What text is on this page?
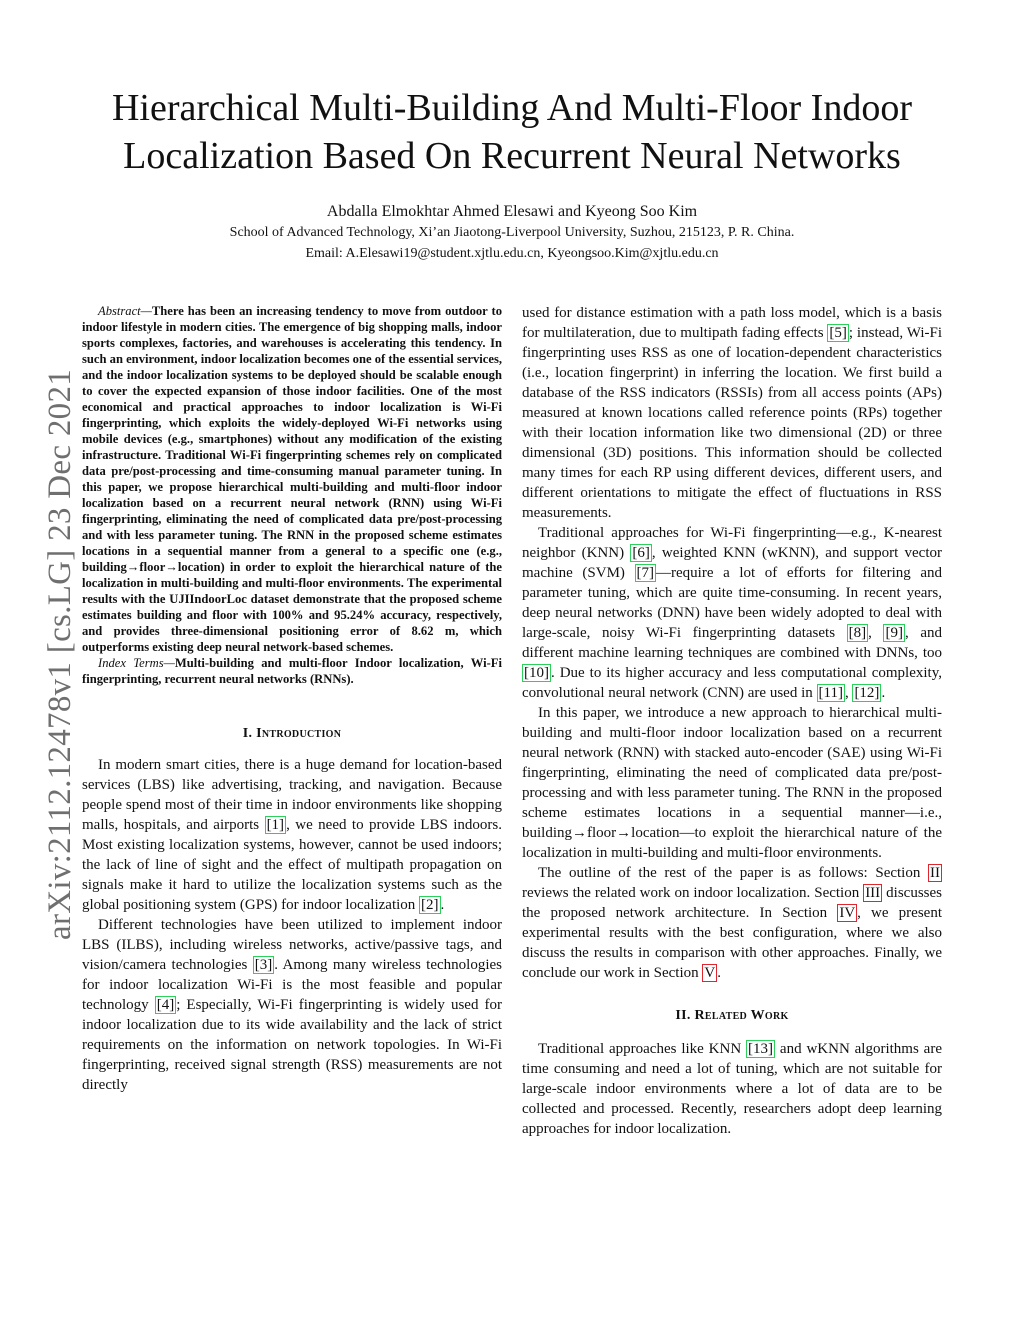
arXiv:2112.12478v1 [cs.LG] 23 Dec 2021
Hierarchical Multi-Building And Multi-Floor Indoor
Localization Based On Recurrent Neural Networks
Abdalla Elmokhtar Ahmed Elesawi and Kyeong Soo Kim
School of Advanced Technology, Xi’an Jiaotong-Liverpool University, Suzhou, 215123, P. R. China.
Email: A.Elesawi19@student.xjtlu.edu.cn, Kyeongsoo.Kim@xjtlu.edu.cn

Abstract—There has been an increasing tendency to move from outdoor to indoor lifestyle in modern cities. The emergence of big shopping malls, indoor sports complexes, factories, and warehouses is accelerating this tendency. In such an environment, indoor localization becomes one of the essential services, and the indoor localization systems to be deployed should be scalable enough to cover the expected expansion of those indoor facilities. One of the most economical and practical approaches to indoor localization is Wi-Fi fingerprinting, which exploits the widely-deployed Wi-Fi networks using mobile devices (e.g., smartphones) without any modification of the existing infrastructure. Traditional Wi-Fi fingerprinting schemes rely on complicated data pre/post-processing and time-consuming manual parameter tuning. In this paper, we propose hierarchical multi-building and multi-floor indoor localization based on a recurrent neural network (RNN) using Wi-Fi fingerprinting, eliminating the need of complicated data pre/post-processing and with less parameter tuning. The RNN in the proposed scheme estimates locations in a sequential manner from a general to a specific one (e.g., building→floor→location) in order to exploit the hierarchical nature of the localization in multi-building and multi-floor environments. The experimental results with the UJIIndoorLoc dataset demonstrate that the proposed scheme estimates building and floor with 100% and 95.24% accuracy, respectively, and provides three-dimensional positioning error of 8.62 m, which outperforms existing deep neural network-based schemes.

Index Terms—Multi-building and multi-floor Indoor localization, Wi-Fi fingerprinting, recurrent neural networks (RNNs).

I. Introduction

In modern smart cities, there is a huge demand for location-based services (LBS) like advertising, tracking, and navigation. Because people spend most of their time in indoor environments like shopping malls, hospitals, and airports [1] , we need to provide LBS indoors. Most existing localization systems, however, cannot be used indoors; the lack of line of sight and the effect of multipath propagation on signals make it hard to utilize the localization systems such as the global positioning system (GPS) for indoor localization [2] .

Different technologies have been utilized to implement indoor LBS (ILBS), including wireless networks, active/passive tags, and vision/camera technologies [3] . Among many wireless technologies for indoor localization Wi-Fi is the most feasible and popular technology [4] ; Especially, Wi-Fi fingerprinting is widely used for indoor localization due to its wide availability and the lack of strict requirements on the information on network topologies. In Wi-Fi fingerprinting, received signal strength (RSS) measurements are not directly

used for distance estimation with a path loss model, which is a basis for multilateration, due to multipath fading effects [5] ; instead, Wi-Fi fingerprinting uses RSS as one of location-dependent characteristics (i.e., location fingerprint) in inferring the location. We first build a database of the RSS indicators (RSSIs) from all access points (APs) measured at known locations called reference points (RPs) together with their location information like two dimensional (2D) or three dimensional (3D) positions. This information should be collected many times for each RP using different devices, different users, and different orientations to mitigate the effect of fluctuations in RSS measurements.

Traditional approaches for Wi-Fi fingerprinting—e.g., K-nearest neighbor (KNN) [6] , weighted KNN (wKNN), and support vector machine (SVM) [7] —require a lot of efforts for filtering and parameter tuning, which are quite time-consuming. In recent years, deep neural networks (DNN) have been widely adopted to deal with large-scale, noisy Wi-Fi fingerprinting datasets [8] , [9] , and different machine learning techniques are combined with DNNs, too [10] . Due to its higher accuracy and less computational complexity, convolutional neural network (CNN) are used in [11] , [12] .

In this paper, we introduce a new approach to hierarchical multi-building and multi-floor indoor localization based on a recurrent neural network (RNN) with stacked auto-encoder (SAE) using Wi-Fi fingerprinting, eliminating the need of complicated data pre/post-processing and with less parameter tuning. The RNN in the proposed scheme estimates locations in a sequential manner—i.e., building→floor→location—to exploit the hierarchical nature of the localization in multi-building and multi-floor environments.

The outline of the rest of the paper is as follows: Section II reviews the related work on indoor localization. Section III discusses the proposed network architecture. In Section IV , we present experimental results with the best configuration, where we also discuss the results in comparison with other approaches. Finally, we conclude our work in Section V .

II. Related Work

Traditional approaches like KNN [13] and wKNN algorithms are time consuming and need a lot of tuning, which are not suitable for large-scale indoor environments where a lot of data are to be collected and processed. Recently, researchers adopt deep learning approaches for indoor localization.
